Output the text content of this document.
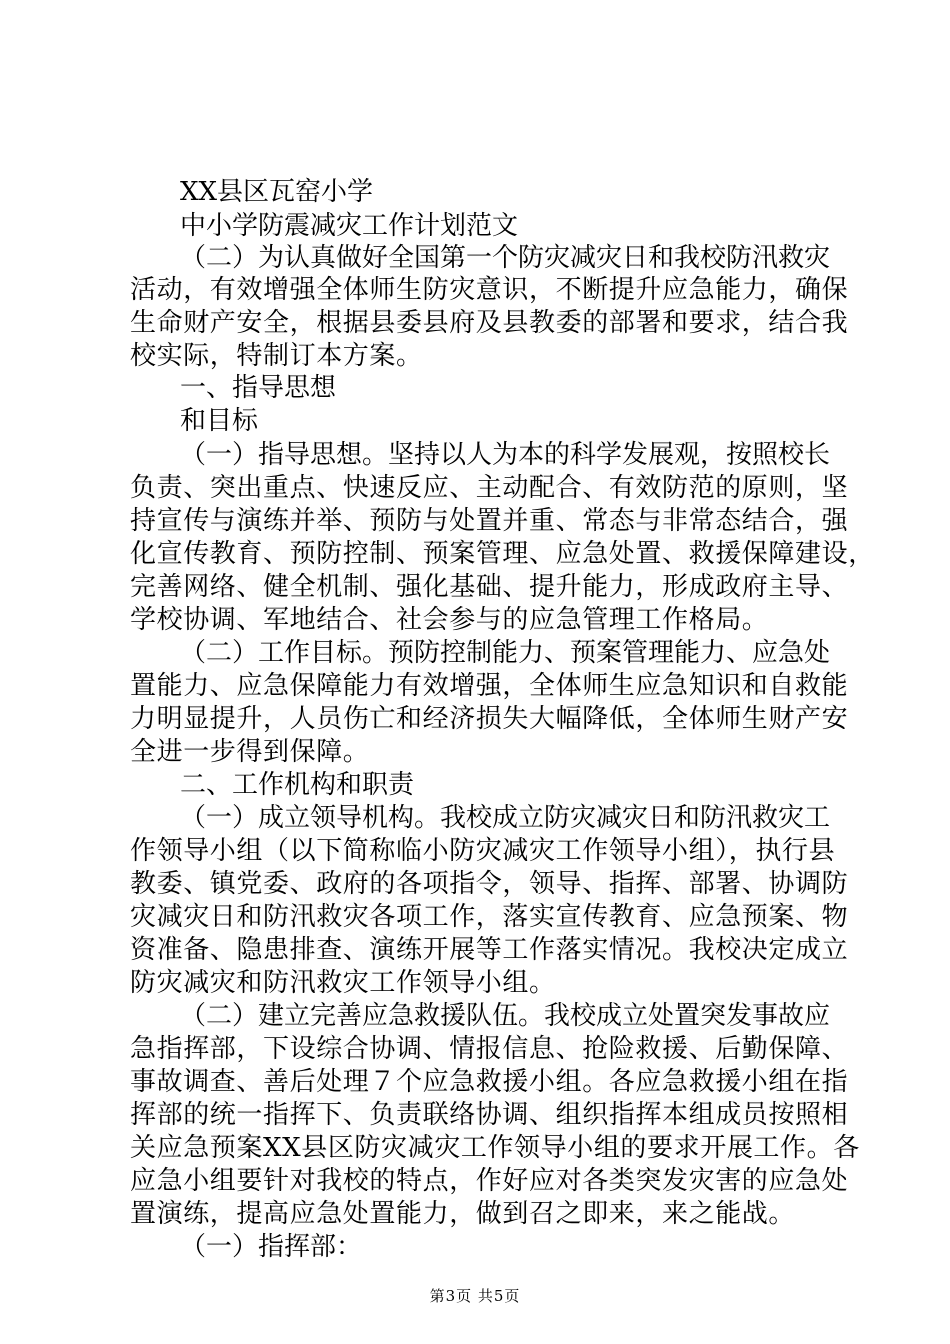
XX县区瓦窑小学

中小学防震减灾工作计划范文

（二）为认真做好全国第一个防灾减灾日和我校防汛救灾

活动，有效增强全体师生防灾意识，不断提升应急能力，确保

生命财产安全，根据县委县府及县教委的部署和要求，结合我

校实际，特制订本方案。

一、指导思想

和目标

（一）指导思想。坚持以人为本的科学发展观，按照校长

负责、突出重点、快速反应、主动配合、有效防范的原则，坚

持宣传与演练并举、预防与处置并重、常态与非常态结合，强

化宣传教育、预防控制、预案管理、应急处置、救援保障建设，

完善网络、健全机制、强化基础、提升能力，形成政府主导、

学校协调、军地结合、社会参与的应急管理工作格局。

（二）工作目标。预防控制能力、预案管理能力、应急处

置能力、应急保障能力有效增强，全体师生应急知识和自救能

力明显提升，人员伤亡和经济损失大幅降低，全体师生财产安

全进一步得到保障。

二、工作机构和职责

（一）成立领导机构。我校成立防灾减灾日和防汛救灾工

作领导小组（以下简称临小防灾减灾工作领导小组），执行县

教委、镇党委、政府的各项指令，领导、指挥、部署、协调防

灾减灾日和防汛救灾各项工作，落实宣传教育、应急预案、物

资准备、隐患排查、演练开展等工作落实情况。我校决定成立

防灾减灾和防汛救灾工作领导小组。

（二）建立完善应急救援队伍。我校成立处置突发事故应

急指挥部，下设综合协调、情报信息、抢险救援、后勤保障、

事故调查、善后处理７个应急救援小组。各应急救援小组在指

挥部的统一指挥下、负责联络协调、组织指挥本组成员按照相

关应急预案XX县区防灾减灾工作领导小组的要求开展工作。各

应急小组要针对我校的特点，作好应对各类突发灾害的应急处

置演练，提高应急处置能力，做到召之即来，来之能战。

（一）指挥部：

第3页 共5页
